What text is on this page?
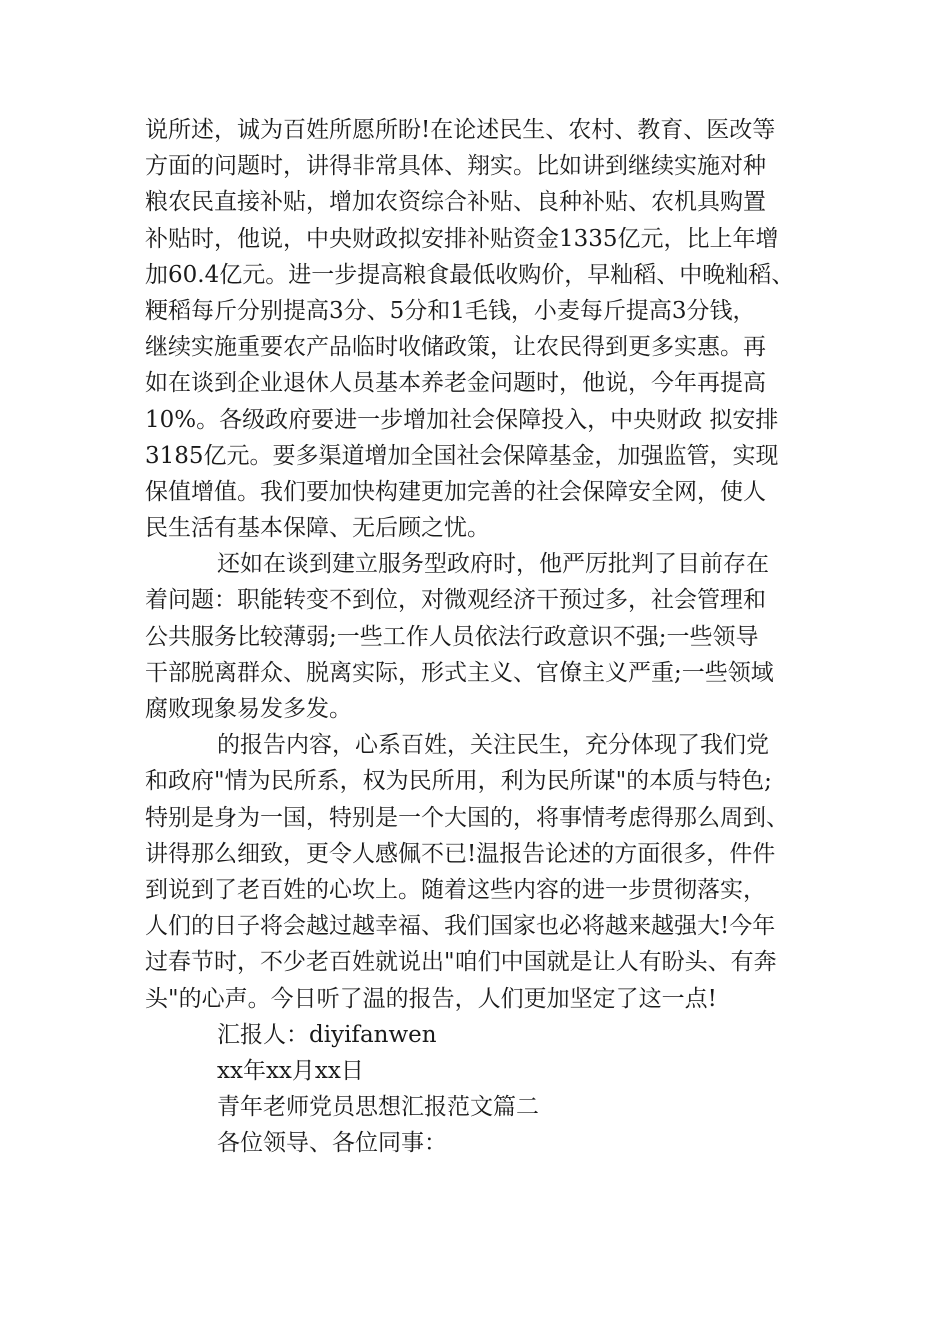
说所述，诚为百姓所愿所盼!在论述民生、农村、教育、医改等
方面的问题时，讲得非常具体、翔实。比如讲到继续实施对种
粮农民直接补贴，增加农资综合补贴、良种补贴、农机具购置
补贴时，他说，中央财政拟安排补贴资金1335亿元，比上年增
加60.4亿元。进一步提高粮食最低收购价，早籼稻、中晚籼稻、
粳稻每斤分别提高3分、5分和1毛钱，小麦每斤提高3分钱，
继续实施重要农产品临时收储政策，让农民得到更多实惠。再
如在谈到企业退休人员基本养老金问题时，他说，今年再提高
10%。各级政府要进一步增加社会保障投入，中央财政 拟安排
3185亿元。要多渠道增加全国社会保障基金，加强监管，实现
保值增值。我们要加快构建更加完善的社会保障安全网，使人
民生活有基本保障、无后顾之忧。
还如在谈到建立服务型政府时，他严厉批判了目前存在
着问题：职能转变不到位，对微观经济干预过多，社会管理和
公共服务比较薄弱;一些工作人员依法行政意识不强;一些领导
干部脱离群众、脱离实际，形式主义、官僚主义严重;一些领域
腐败现象易发多发。
的报告内容，心系百姓，关注民生，充分体现了我们党
和政府"情为民所系，权为民所用，利为民所谋"的本质与特色;
特别是身为一国，特别是一个大国的，将事情考虑得那么周到、
讲得那么细致，更令人感佩不已!温报告论述的方面很多，件件
到说到了老百姓的心坎上。随着这些内容的进一步贯彻落实，
人们的日子将会越过越幸福、我们国家也必将越来越强大!今年
过春节时，不少老百姓就说出"咱们中国就是让人有盼头、有奔
头"的心声。今日听了温的报告，人们更加坚定了这一点!
汇报人：diyifanwen
xx年xx月xx日
青年老师党员思想汇报范文篇二
各位领导、各位同事：
